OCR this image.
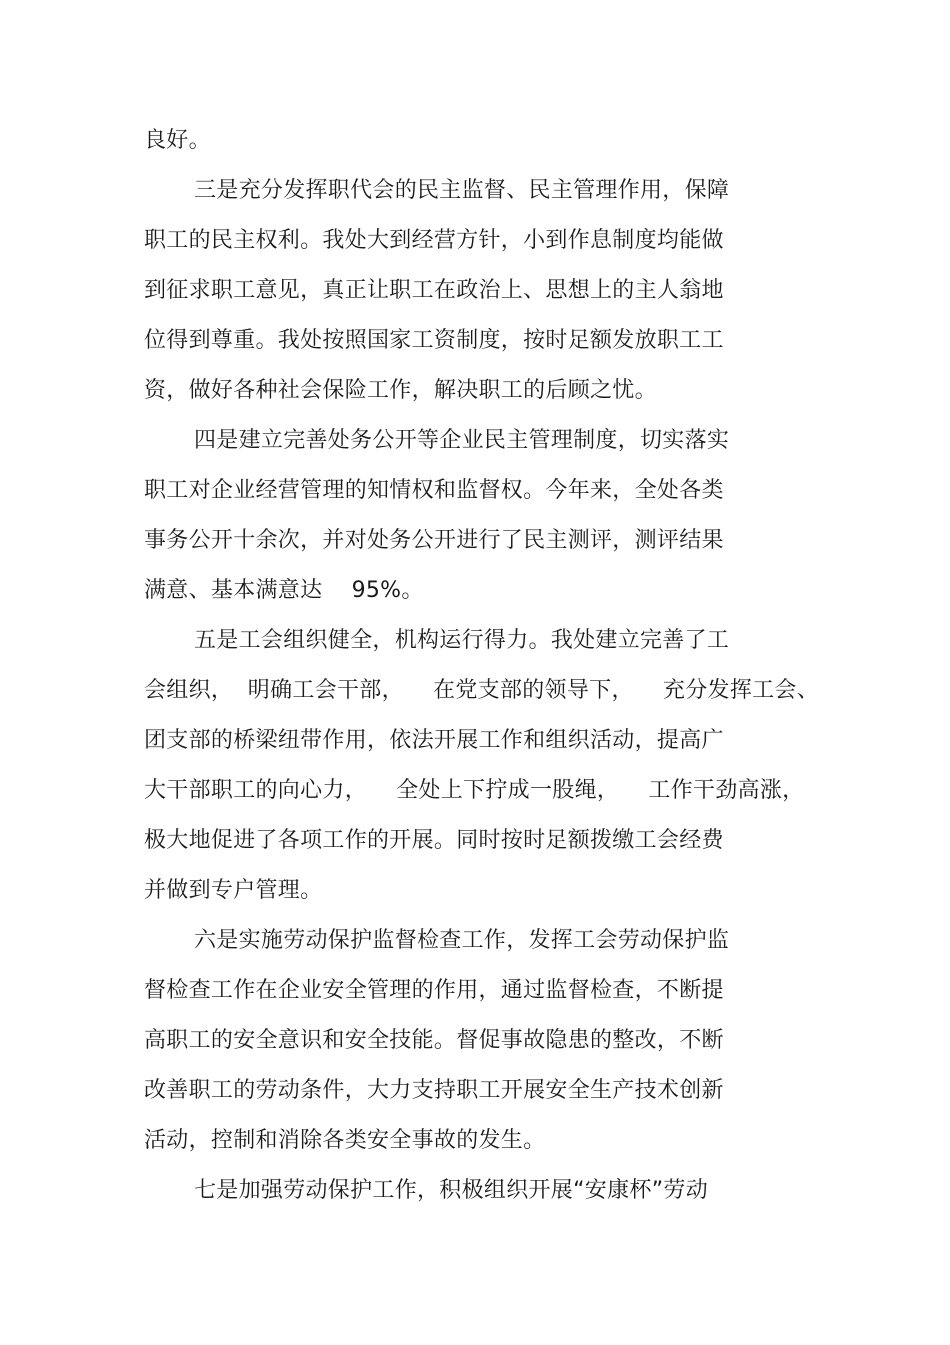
良好。
三是充分发挥职代会的民主监督、民主管理作用，保障
职工的民主权利。我处大到经营方针，小到作息制度均能做
到征求职工意见，真正让职工在政治上、思想上的主人翁地
位得到尊重。我处按照国家工资制度，按时足额发放职工工
资，做好各种社会保险工作，解决职工的后顾之忧。
四是建立完善处务公开等企业民主管理制度，切实落实
职工对企业经营管理的知情权和监督权。今年来，全处各类
事务公开十余次，并对处务公开进行了民主测评，测评结果
满意、基本满意达    95%。
五是工会组织健全，机构运行得力。我处建立完善了工
会组织，  明确工会干部，    在党支部的领导下，    充分发挥工会、
团支部的桥梁纽带作用，依法开展工作和组织活动，提高广
大干部职工的向心力，    全处上下拧成一股绳，    工作干劲高涨，
极大地促进了各项工作的开展。同时按时足额拨缴工会经费
并做到专户管理。
六是实施劳动保护监督检查工作，发挥工会劳动保护监
督检查工作在企业安全管理的作用，通过监督检查，不断提
高职工的安全意识和安全技能。督促事故隐患的整改，不断
改善职工的劳动条件，大力支持职工开展安全生产技术创新
活动，控制和消除各类安全事故的发生。
七是加强劳动保护工作，积极组织开展“安康杯”劳动
